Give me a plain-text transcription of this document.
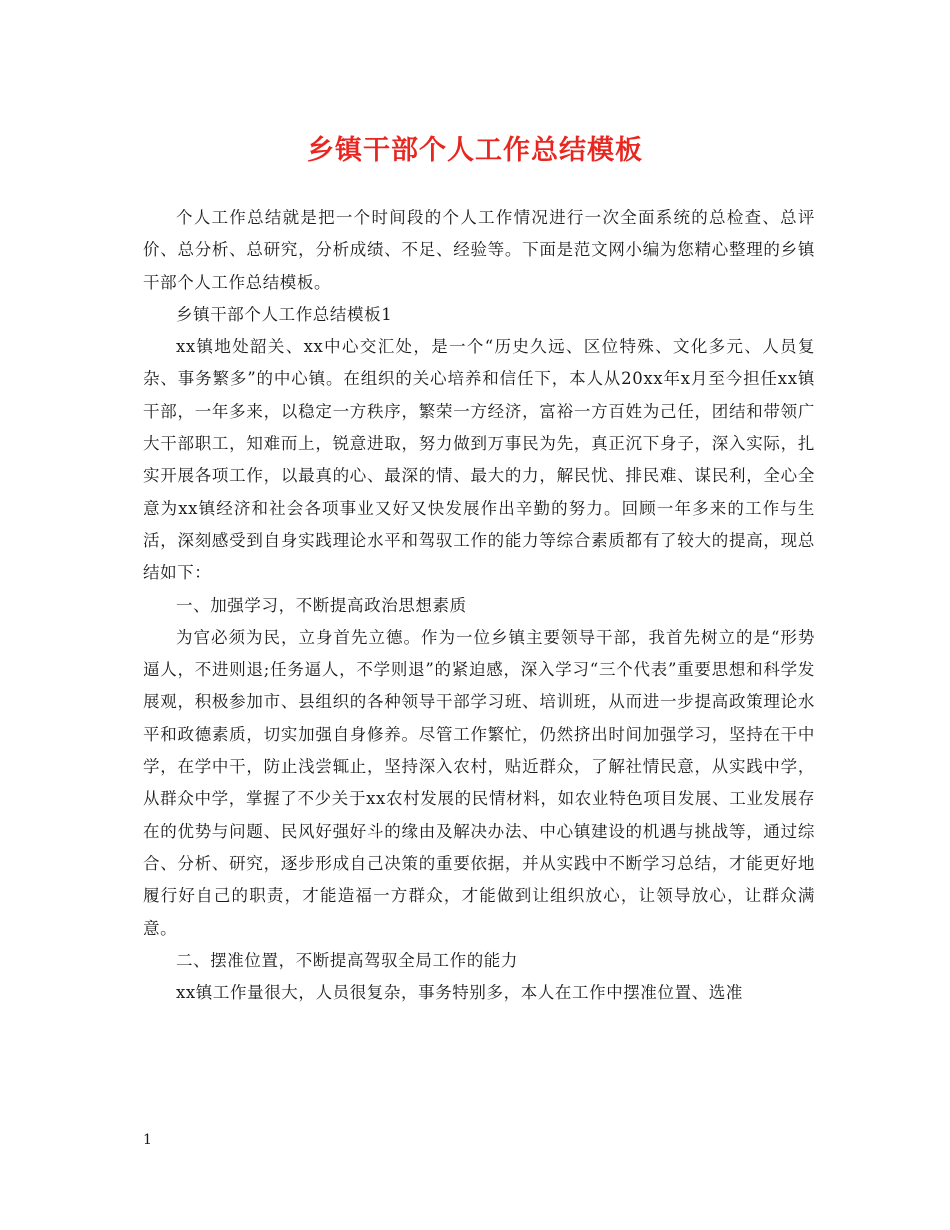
乡镇干部个人工作总结模板

个人工作总结就是把一个时间段的个人工作情况进行一次全面系统的总检查、总评价、总分析、总研究，分析成绩、不足、经验等。下面是范文网小编为您精心整理的乡镇干部个人工作总结模板。

乡镇干部个人工作总结模板1

xx镇地处韶关、xx中心交汇处，是一个“历史久远、区位特殊、文化多元、人员复杂、事务繁多”的中心镇。在组织的关心培养和信任下，本人从20xx年x月至今担任xx镇干部，一年多来，以稳定一方秩序，繁荣一方经济，富裕一方百姓为己任，团结和带领广大干部职工，知难而上，锐意进取，努力做到万事民为先，真正沉下身子，深入实际，扎实开展各项工作，以最真的心、最深的情、最大的力，解民忧、排民难、谋民利，全心全意为xx镇经济和社会各项事业又好又快发展作出辛勤的努力。回顾一年多来的工作与生活，深刻感受到自身实践理论水平和驾驭工作的能力等综合素质都有了较大的提高，现总结如下：

一、加强学习，不断提高政治思想素质

为官必须为民，立身首先立德。作为一位乡镇主要领导干部，我首先树立的是“形势逼人，不进则退;任务逼人，不学则退”的紧迫感，深入学习“三个代表”重要思想和科学发展观，积极参加市、县组织的各种领导干部学习班、培训班，从而进一步提高政策理论水平和政德素质，切实加强自身修养。尽管工作繁忙，仍然挤出时间加强学习，坚持在干中学，在学中干，防止浅尝辄止，坚持深入农村，贴近群众，了解社情民意，从实践中学，从群众中学，掌握了不少关于xx农村发展的民情材料，如农业特色项目发展、工业发展存在的优势与问题、民风好强好斗的缘由及解决办法、中心镇建设的机遇与挑战等，通过综合、分析、研究，逐步形成自己决策的重要依据，并从实践中不断学习总结，才能更好地履行好自己的职责，才能造福一方群众，才能做到让组织放心，让领导放心，让群众满意。

二、摆准位置，不断提高驾驭全局工作的能力

xx镇工作量很大，人员很复杂，事务特别多，本人在工作中摆准位置、选准

1
